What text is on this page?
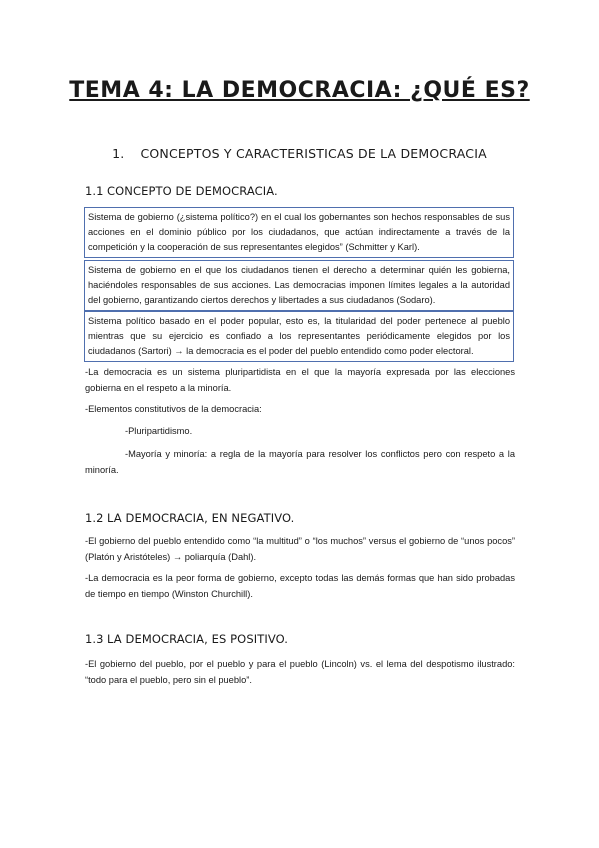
TEMA 4: LA DEMOCRACIA: ¿QUÉ ES?
1. CONCEPTOS Y CARACTERISTICAS DE LA DEMOCRACIA
1.1 CONCEPTO DE DEMOCRACIA.
Sistema de gobierno (¿sistema político?) en el cual los gobernantes son hechos responsables de sus acciones en el dominio público por los ciudadanos, que actúan indirectamente a través de la competición y la cooperación de sus representantes elegidos” (Schmitter y Karl).
Sistema de gobierno en el que los ciudadanos tienen el derecho a determinar quién les gobierna, haciéndoles responsables de sus acciones. Las democracias imponen límites legales a la autoridad del gobierno, garantizando ciertos derechos y libertades a sus ciudadanos (Sodaro).
Sistema político basado en el poder popular, esto es, la titularidad del poder pertenece al pueblo mientras que su ejercicio es confiado a los representantes periódicamente elegidos por los ciudadanos (Sartori) → la democracia es el poder del pueblo entendido como poder electoral.
-La democracia es un sistema pluripartidista en el que la mayoría expresada por las elecciones gobierna en el respeto a la minoría.
-Elementos constitutivos de la democracia:
-Pluripartidismo.
-Mayoría y minoría: a regla de la mayoría para resolver los conflictos pero con respeto a la minoría.
1.2 LA DEMOCRACIA, EN NEGATIVO.
-El gobierno del pueblo entendido como “la multitud” o “los muchos” versus el gobierno de “unos pocos” (Platón y Aristóteles) → poliarquía (Dahl).
-La democracia es la peor forma de gobierno, excepto todas las demás formas que han sido probadas de tiempo en tiempo (Winston Churchill).
1.3 LA DEMOCRACIA, ES POSITIVO.
-El gobierno del pueblo, por el pueblo y para el pueblo (Lincoln) vs. el lema del despotismo ilustrado: “todo para el pueblo, pero sin el pueblo”.
